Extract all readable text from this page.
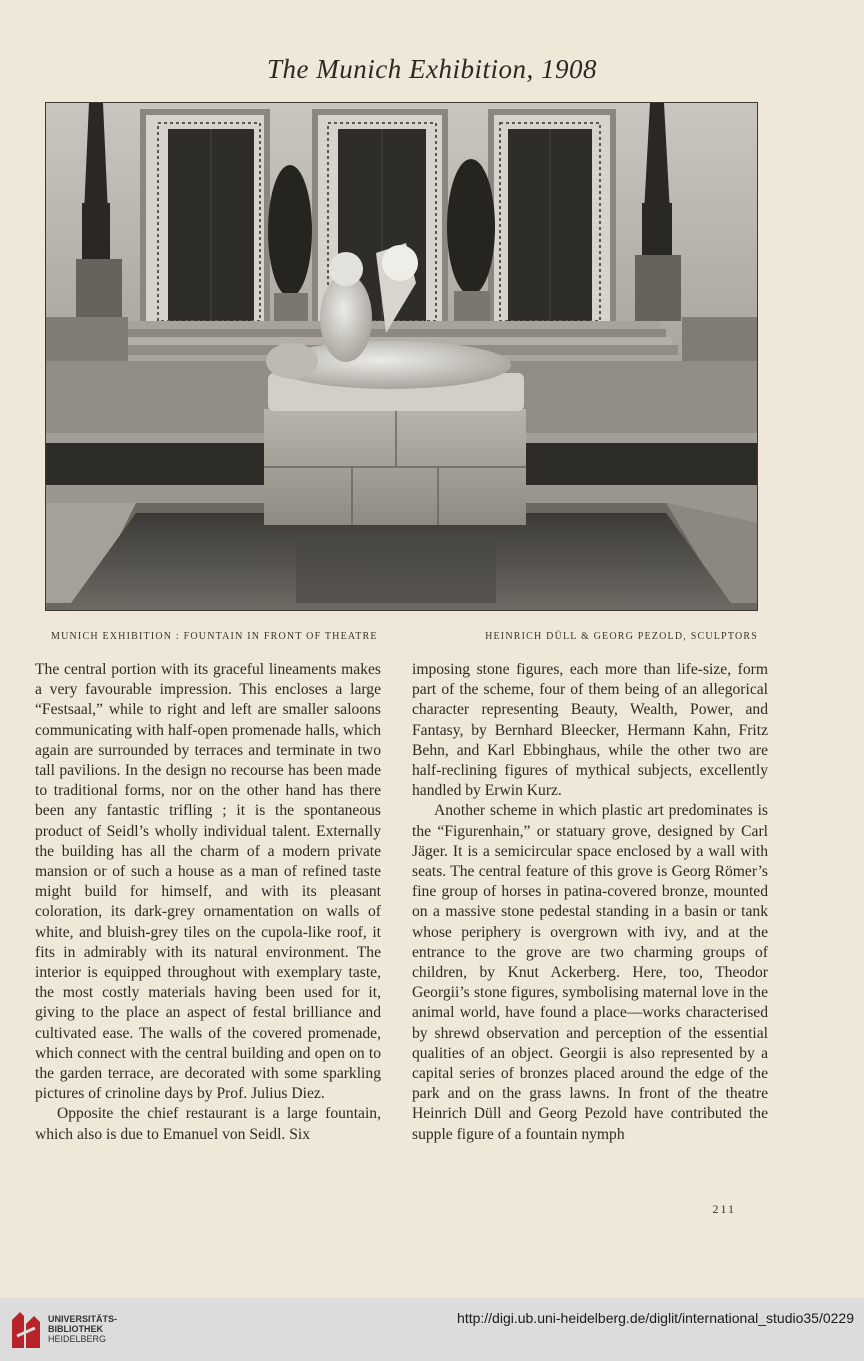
The Munich Exhibition, 1908
MUNICH EXHIBITION : FOUNTAIN IN FRONT OF THEATRE	HEINRICH DÜLL & GEORG PEZOLD, SCULPTORS

The central portion with its graceful lineaments makes a very favourable impression. This encloses a large “Festsaal,” while to right and left are smaller saloons communicating with half-open promenade halls, which again are surrounded by terraces and terminate in two tall pavilions. In the design no recourse has been made to traditional forms, nor on the other hand has there been any fantastic trifling ; it is the spontaneous product of Seidl’s wholly individual talent. Externally the building has all the charm of a modern private mansion or of such a house as a man of refined taste might build for himself, and with its pleasant coloration, its dark-grey ornamentation on walls of white, and bluish-grey tiles on the cupola-like roof, it fits in admirably with its natural environment. The interior is equipped throughout with exemplary taste, the most costly materials having been used for it, giving to the place an aspect of festal brilliance and cultivated ease. The walls of the covered promenade, which connect with the central building and open on to the garden terrace, are decorated with some sparkling pictures of crinoline days by Prof. Julius Diez.

Opposite the chief restaurant is a large fountain, which also is due to Emanuel von Seidl. Six

imposing stone figures, each more than life-size, form part of the scheme, four of them being of an allegorical character representing Beauty, Wealth, Power, and Fantasy, by Bernhard Bleecker, Hermann Kahn, Fritz Behn, and Karl Ebbinghaus, while the other two are half-reclining figures of mythical subjects, excellently handled by Erwin Kurz.

Another scheme in which plastic art predominates is the “Figurenhain,” or statuary grove, designed by Carl Jäger. It is a semicircular space enclosed by a wall with seats. The central feature of this grove is Georg Römer’s fine group of horses in patina-covered bronze, mounted on a massive stone pedestal standing in a basin or tank whose periphery is overgrown with ivy, and at the entrance to the grove are two charming groups of children, by Knut Ackerberg. Here, too, Theodor Georgii’s stone figures, symbolising maternal love in the animal world, have found a place—works characterised by shrewd observation and perception of the essential qualities of an object. Georgii is also represented by a capital series of bronzes placed around the edge of the park and on the grass lawns. In front of the theatre Heinrich Düll and Georg Pezold have contributed the supple figure of a fountain nymph

211
UNIVERSITÄTS-
BIBLIOTHEK
HEIDELBERG
http://digi.ub.uni-heidelberg.de/diglit/international_studio35/0229
